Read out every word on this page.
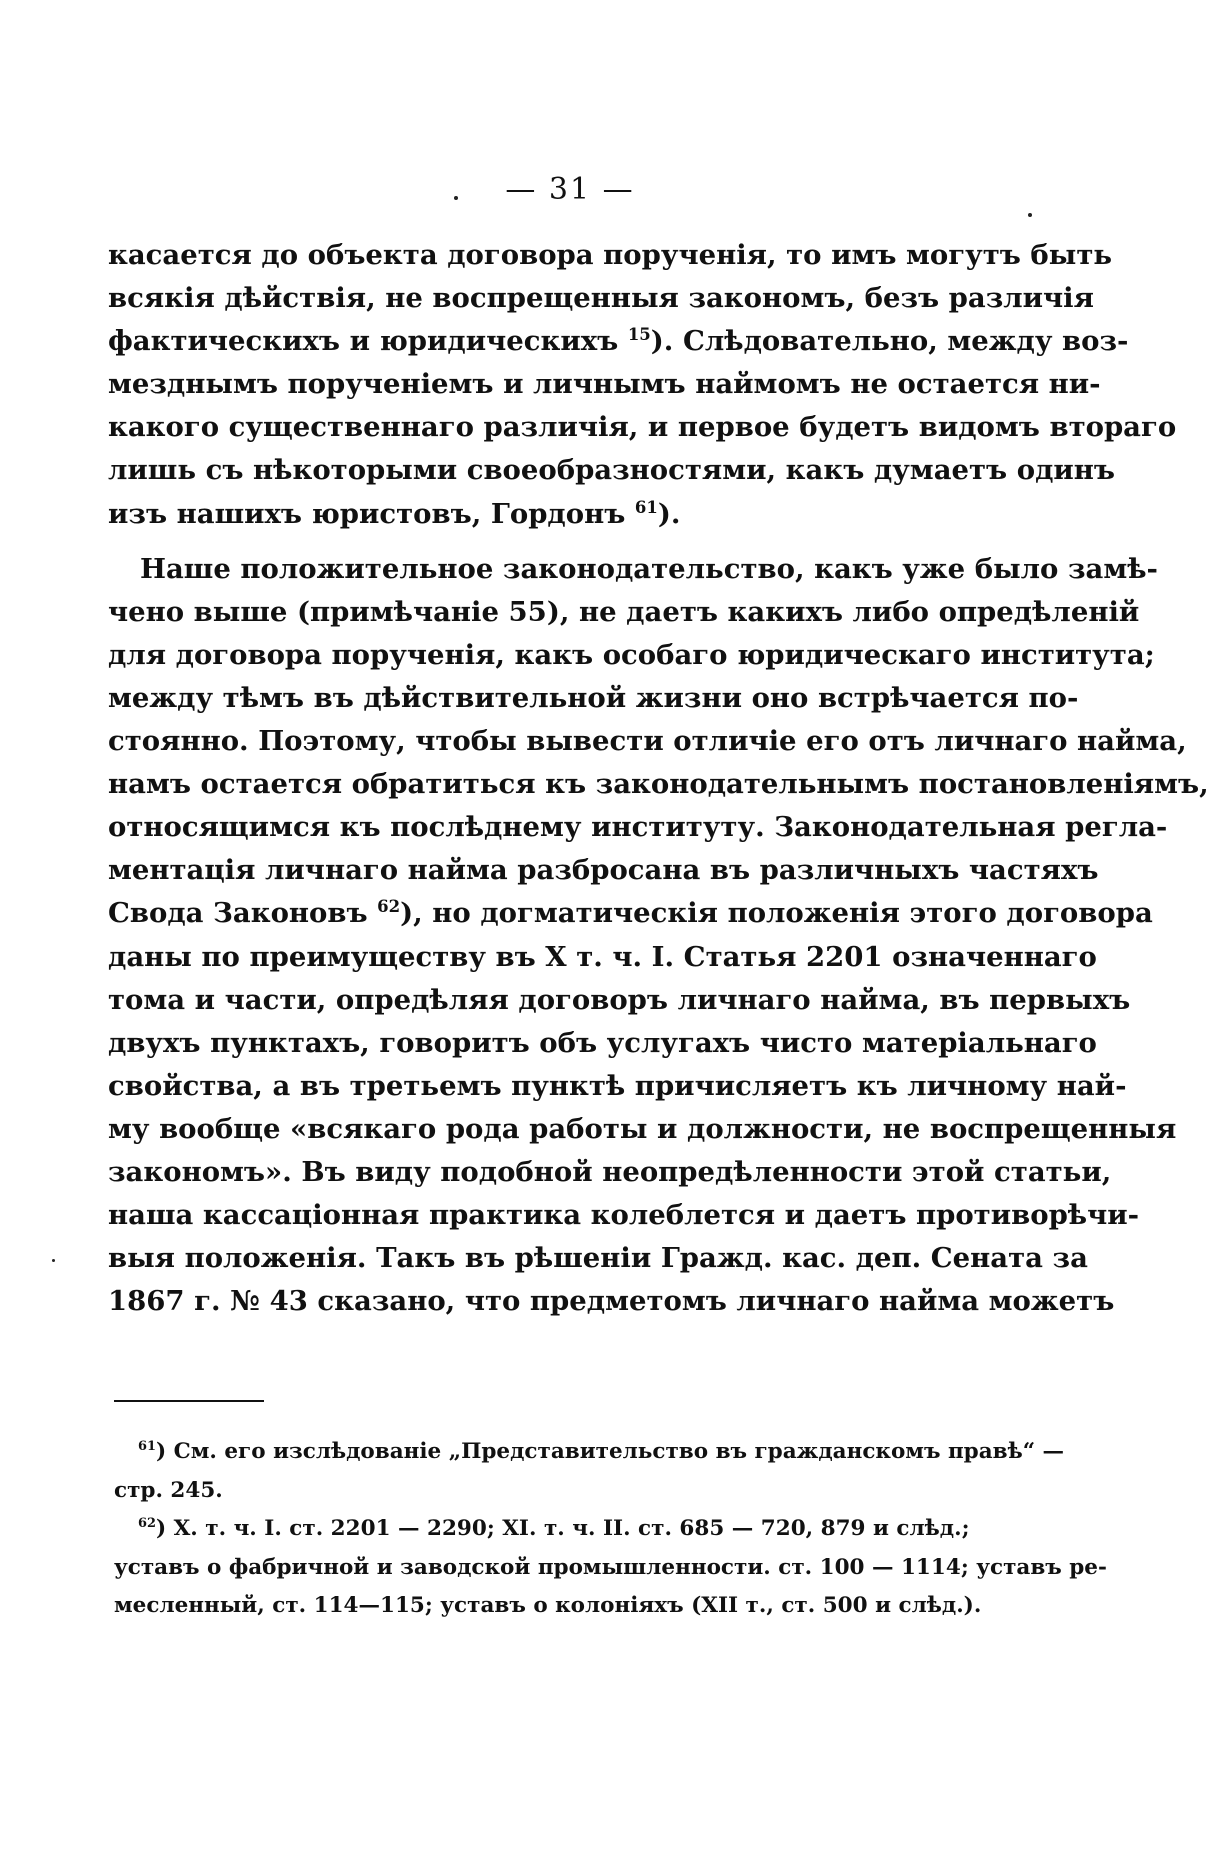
— 31 —
касается до объекта договора порученія, то имъ могутъ быть
всякія дѣйствія, не воспрещенныя закономъ, безъ различія
фактическихъ и юридическихъ $^{15}$). Слѣдовательно, между воз-
мезднымъ порученіемъ и личнымъ наймомъ не остается ни-
какого существеннаго различія, и первое будетъ видомъ втораго
лишь съ нѣкоторыми своеобразностями, какъ думаетъ одинъ
изъ нашихъ юристовъ, Гордонъ $^{61}$).
Наше положительное законодательство, какъ уже было замѣ-
чено выше (примѣчаніе 55), не даетъ какихъ либо опредѣленій
для договора порученія, какъ особаго юридическаго института;
между тѣмъ въ дѣйствительной жизни оно встрѣчается по-
стоянно. Поэтому, чтобы вывести отличіе его отъ личнаго найма,
намъ остается обратиться къ законодательнымъ постановленіямъ,
относящимся къ послѣднему институту. Законодательная регла-
ментація личнаго найма разбросана въ различныхъ частяхъ
Свода Законовъ $^{62}$), но догматическія положенія этого договора
даны по преимуществу въ X т. ч. I. Статья 2201 означеннаго
тома и части, опредѣляя договоръ личнаго найма, въ первыхъ
двухъ пунктахъ, говоритъ объ услугахъ чисто матеріальнаго
свойства, а въ третьемъ пунктѣ причисляетъ къ личному най-
му вообще «всякаго рода работы и должности, не воспрещенныя
закономъ». Въ виду подобной неопредѣленности этой статьи,
наша кассаціонная практика колеблется и даетъ противорѣчи-
выя положенія. Такъ въ рѣшеніи Гражд. кас. деп. Сената за
1867 г. № 43 сказано, что предметомъ личнаго найма можетъ
$^{61}$) См. его изслѣдованіе „Представительство въ гражданскомъ правѣ“ —
стр. 245.
$^{62}$) X. т. ч. I. ст. 2201 — 2290; XI. т. ч. II. ст. 685 — 720, 879 и слѣд.;
уставъ о фабричной и заводской промышленности. ст. 100 — 1114; уставъ ре-
месленный, ст. 114—115; уставъ о колоніяхъ (XII т., ст. 500 и слѣд.).
